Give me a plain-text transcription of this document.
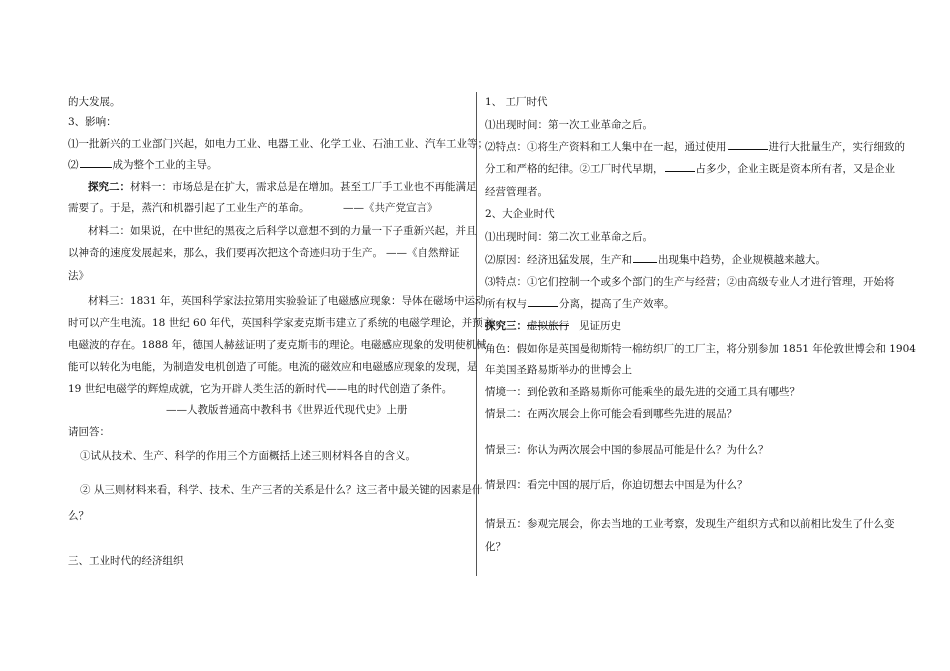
的大发展。
3、影响：
⑴一批新兴的工业部门兴起，如电力工业、电器工业、化学工业、石油工业、汽车工业等；
⑵	成为整个工业的主导。
探究二：材料一：市场总是在扩大，需求总是在增加。甚至工厂手工业也不再能满足
需要了。于是，蒸汽和机器引起了工业生产的革命。	——《共产党宣言》
材料二：如果说，在中世纪的黑夜之后科学以意想不到的力量一下子重新兴起，并且
以神奇的速度发展起来，那么，我们要再次把这个奇迹归功于生产。 ——《自然辩证
法》
材料三：1831 年，英国科学家法拉第用实验验证了电磁感应现象：导体在磁场中运动
时可以产生电流。18 世纪 60 年代，英国科学家麦克斯韦建立了系统的电磁学理论，并预言
电磁波的存在。1888 年，德国人赫兹证明了麦克斯韦的理论。电磁感应现象的发明使机械
能可以转化为电能，为制造发电机创造了可能。电流的磁效应和电磁感应现象的发现，是
19 世纪电磁学的辉煌成就，它为开辟人类生活的新时代——电的时代创造了条件。
——人教版普通高中教科书《世界近代现代史》上册
请回答：
①试从技术、生产、科学的作用三个方面概括上述三则材料各自的含义。
② 从三则材料来看，科学、技术、生产三者的关系是什么？这三者中最关键的因素是什
么？
三、工业时代的经济组织
1、 工厂时代
⑴出现时间：第一次工业革命之后。
⑵特点：①将生产资料和工人集中在一起，通过使用	进行大批量生产，实行细致的
分工和严格的纪律。②工厂时代早期，	占多少，企业主既是资本所有者，又是企业
经营管理者。
2、大企业时代
⑴出现时间：第二次工业革命之后。
⑵原因：经济迅猛发展，生产和 出现集中趋势，企业规模越来越大。
⑶特点：①它们控制一个或多个部门的生产与经营；②由高级专业人才进行管理，开始将
所有权与	分离，提高了生产效率。
探究三：虚拟旅行 见证历史
角色：假如你是英国曼彻斯特一棉纺织厂的工厂主，将分别参加 1851 年伦敦世博会和 1904
年美国圣路易斯举办的世博会上
情境一：到伦敦和圣路易斯你可能乘坐的最先进的交通工具有哪些？
情景二：在两次展会上你可能会看到哪些先进的展品？
情景三：你认为两次展会中国的参展品可能是什么？为什么？
情景四：看完中国的展厅后，你迫切想去中国是为什么？
情景五：参观完展会，你去当地的工业考察，发现生产组织方式和以前相比发生了什么变
化？
